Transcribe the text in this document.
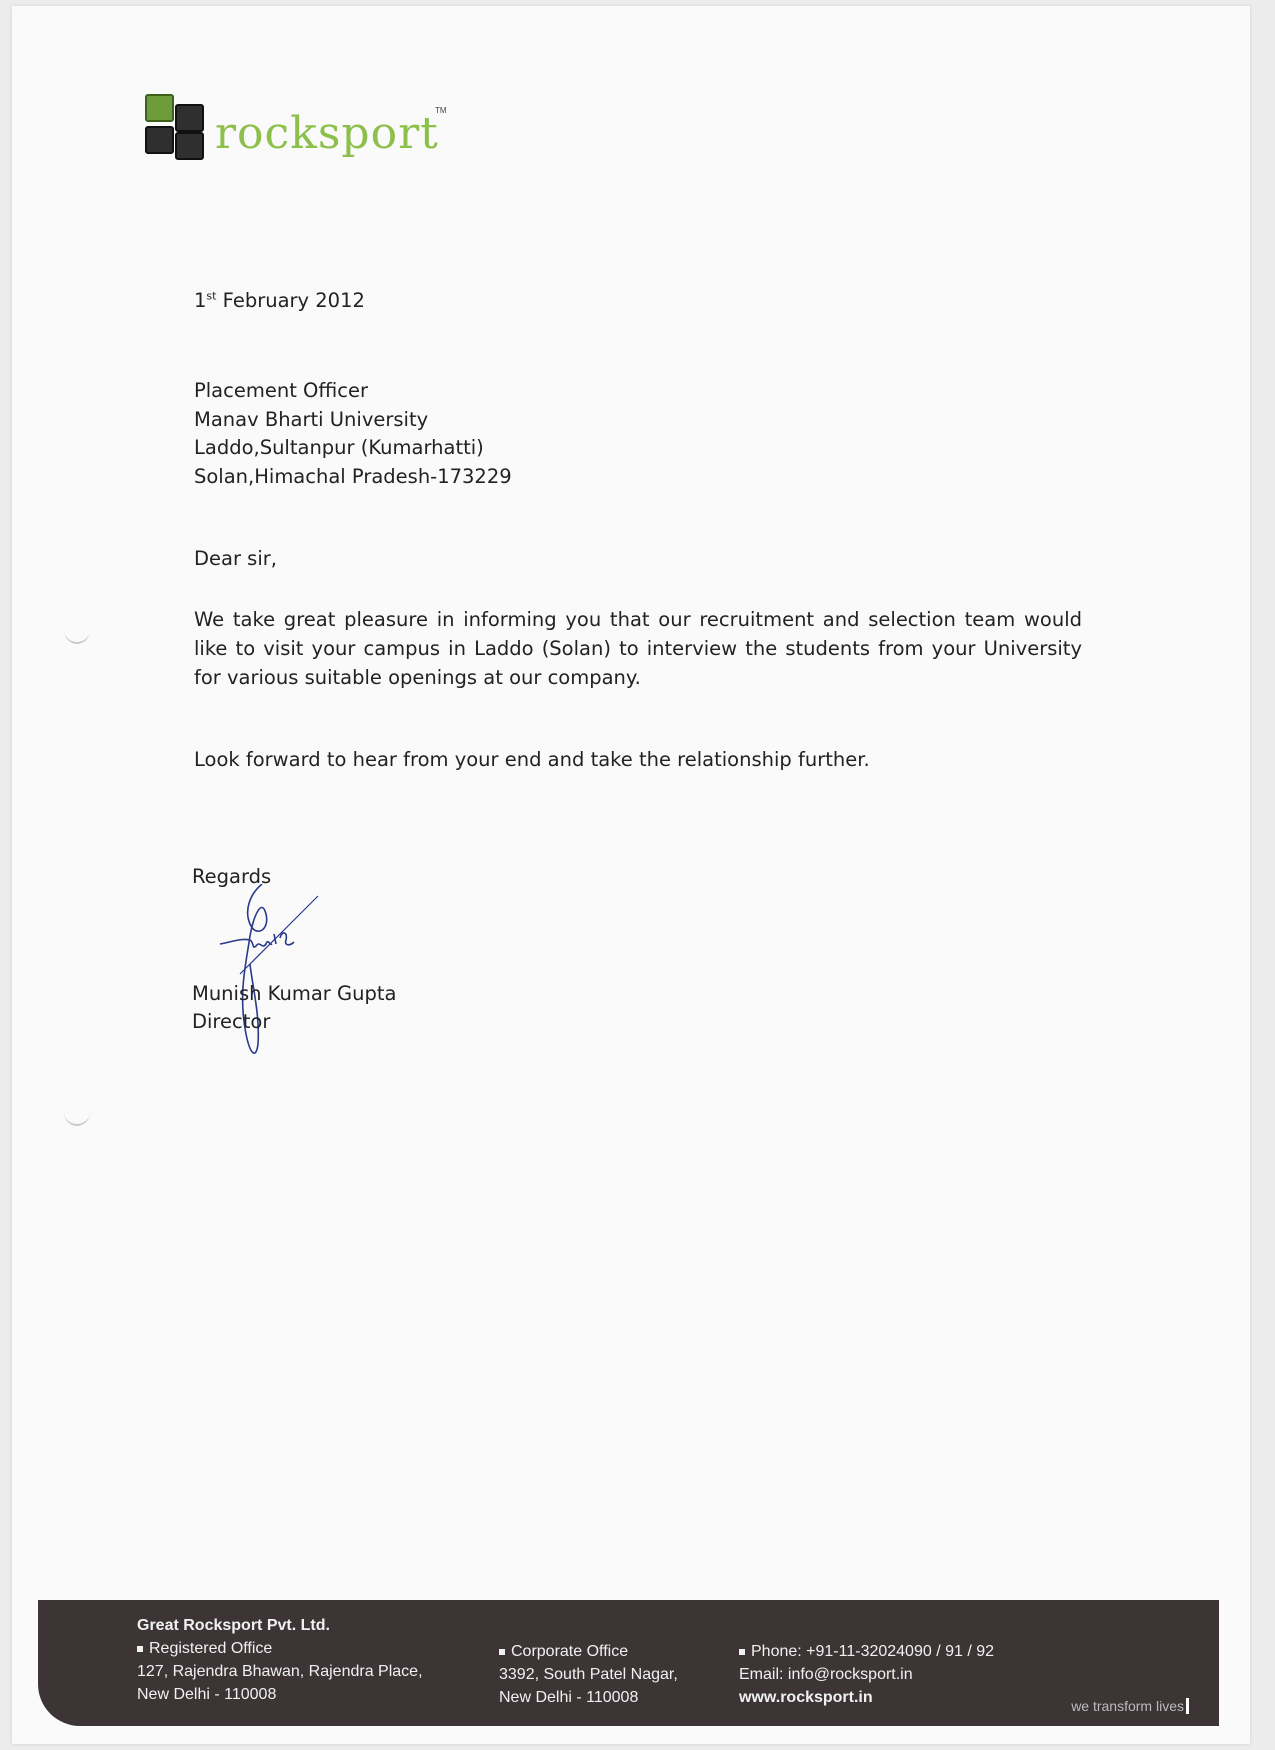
rocksport
TM
1st February 2012
Placement Officer
Manav Bharti University
Laddo,Sultanpur (Kumarhatti)
Solan,Himachal Pradesh-173229
Dear sir,
We take great pleasure in informing you that our recruitment and selection team would like to visit your campus in Laddo (Solan) to interview the students from your University for various suitable openings at our company.
Look forward to hear from your end and take the relationship further.
Regards
Munish Kumar Gupta
Director
Great Rocksport Pvt. Ltd.
Registered Office
127, Rajendra Bhawan, Rajendra Place,
New Delhi - 110008
Corporate Office
3392, South Patel Nagar,
New Delhi - 110008
Phone: +91-11-32024090 / 91 / 92
Email: info@rocksport.in
www.rocksport.in	we transform lives
